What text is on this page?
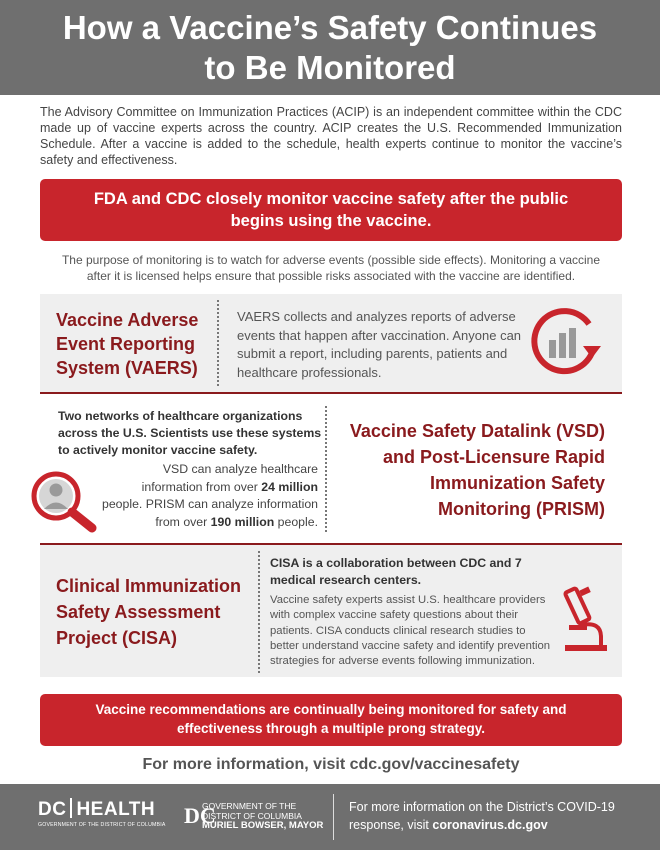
How a Vaccine’s Safety Continues
to Be Monitored

The Advisory Committee on Immunization Practices (ACIP) is an independent committee within the CDC made up of vaccine experts across the country. ACIP creates the U.S. Recommended Immunization Schedule. After a vaccine is added to the schedule, health experts continue to monitor the vaccine’s safety and effectiveness.

FDA and CDC closely monitor vaccine safety after the public
begins using the vaccine.
The purpose of monitoring is to watch for adverse events (possible side effects). Monitoring a vaccine
after it is licensed helps ensure that possible risks associated with the vaccine are identified.
Vaccine Adverse
Event Reporting
System (VAERS)

VAERS collects and analyzes reports of adverse events that happen after vaccination. Anyone can submit a report, including parents, patients and healthcare professionals.

Two networks of healthcare organizations across the U.S. Scientists use these systems to actively monitor vaccine safety.

VSD can analyze healthcare
information from over 24 million
people. PRISM can analyze information
from over 190 million people.
Vaccine Safety Datalink (VSD)
and Post-Licensure Rapid
Immunization Safety
Monitoring (PRISM)
Clinical Immunization
Safety Assessment
Project (CISA)

CISA is a collaboration between CDC and 7 medical research centers.

Vaccine safety experts assist U.S. healthcare providers with complex vaccine safety questions about their patients. CISA conducts clinical research studies to better understand vaccine safety and identify prevention strategies for adverse events following immunization.

Vaccine recommendations are continually being monitored for safety and
effectiveness through a multiple prong strategy.
For more information, visit cdc.gov/vaccinesafety
DC HEALTH
GOVERNMENT OF THE DISTRICT OF COLUMBIA DC
GOVERNMENT OF THE
DISTRICT OF COLUMBIA
MURIEL BOWSER, MAYOR
For more information on the District’s COVID-19
response, visit coronavirus.dc.gov
